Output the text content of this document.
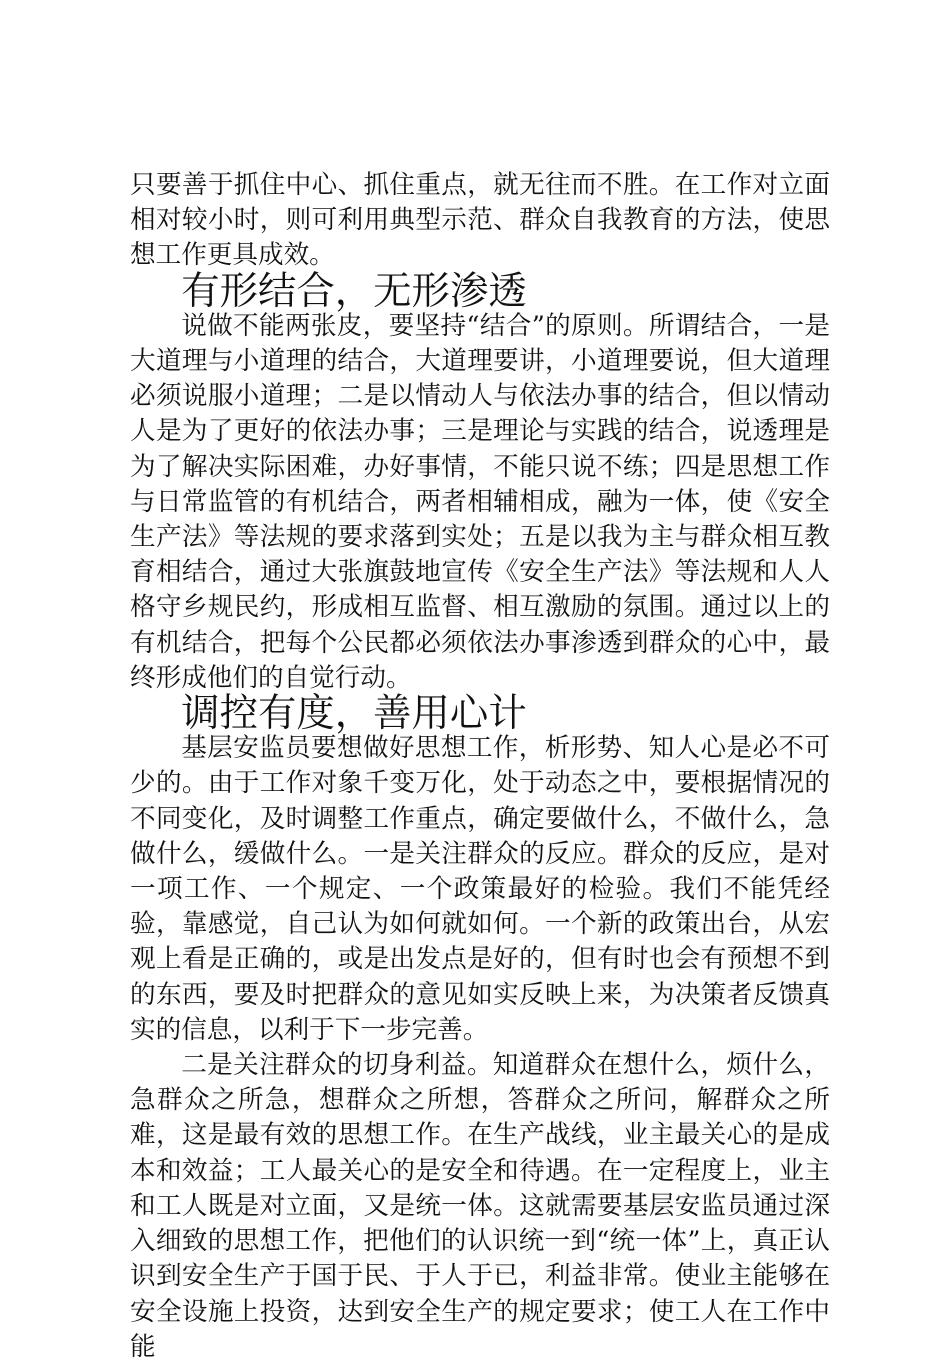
只要善于抓住中心、抓住重点，就无往而不胜。在工作对立面相对较小时，则可利用典型示范、群众自我教育的方法，使思想工作更具成效。

有形结合，无形渗透

说做不能两张皮，要坚持“结合”的原则。所谓结合，一是大道理与小道理的结合，大道理要讲，小道理要说，但大道理必须说服小道理；二是以情动人与依法办事的结合，但以情动人是为了更好的依法办事；三是理论与实践的结合，说透理是为了解决实际困难，办好事情，不能只说不练；四是思想工作与日常监管的有机结合，两者相辅相成，融为一体，使《安全生产法》等法规的要求落到实处；五是以我为主与群众相互教育相结合，通过大张旗鼓地宣传《安全生产法》等法规和人人格守乡规民约，形成相互监督、相互激励的氛围。通过以上的有机结合，把每个公民都必须依法办事渗透到群众的心中，最终形成他们的自觉行动。

调控有度，善用心计

基层安监员要想做好思想工作，析形势、知人心是必不可少的。由于工作对象千变万化，处于动态之中，要根据情况的不同变化，及时调整工作重点，确定要做什么，不做什么，急做什么，缓做什么。一是关注群众的反应。群众的反应，是对一项工作、一个规定、一个政策最好的检验。我们不能凭经验，靠感觉，自己认为如何就如何。一个新的政策出台，从宏观上看是正确的，或是出发点是好的，但有时也会有预想不到的东西，要及时把群众的意见如实反映上来，为决策者反馈真实的信息，以利于下一步完善。

二是关注群众的切身利益。知道群众在想什么，烦什么，急群众之所急，想群众之所想，答群众之所问，解群众之所难，这是最有效的思想工作。在生产战线，业主最关心的是成本和效益；工人最关心的是安全和待遇。在一定程度上，业主和工人既是对立面，又是统一体。这就需要基层安监员通过深入细致的思想工作，把他们的认识统一到“统一体”上，真正认识到安全生产于国于民、于人于已，利益非常。使业主能够在安全设施上投资，达到安全生产的规定要求；使工人在工作中能
